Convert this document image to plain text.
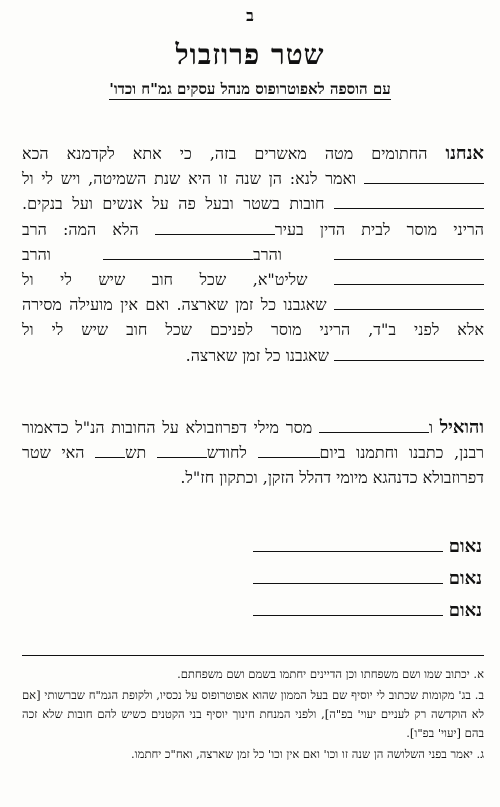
ב
שטר פרוזבול
עם הוספה לאפוטרופוס מנהל עסקים גמ"ח וכדו'
אנחנו החתומים מטה מאשרים בזה, כי אתא לקדמנא הכא ואמר לנא: הן שנה זו היא שנת השמיטה, ויש לי ול חובות בשטר ובעל פה על אנשים ועל בנקים. הריני מוסר לבית הדין בעיר הלא המה: הרב והרב והרב שליט"א, שכל חוב שיש לי ול שאגבנו כל זמן שארצה. ואם אין מועילה מסירה אלא לפני ב"ד, הריני מוסר לפניכם שכל חוב שיש לי ול שאגבנו כל זמן שארצה.
והואיל ו מסר מילי דפרוזבולא על החובות הנ"ל כדאמור רבנן, כתבנו וחתמנו ביום לחודש תש האי שטר דפרוזבולא כדנהגא מיומי דהלל הזקן, וכתקון חז"ל.
נאום
נאום
נאום

א. יכתוב שמו ושם משפחתו וכן הדיינים יחתמו בשמם ושם משפחתם.

ב. בג' מקומות שכתוב לי יוסיף שם בעל הממון שהוא אפוטרופוס על נכסיו, ולקופת הגמ"ח שברשותי [אם לא הוקדשה רק לעניים יעוי' בפ"ה], ולפני המנחת חינוך יוסיף בני הקטנים כשיש להם חובות שלא זכה בהם [יעוי' בפ"ו].

ג. יאמר בפני השלושה הן שנה זו וכו' ואם אין וכו' כל זמן שארצה, ואח"כ יחתמו.
